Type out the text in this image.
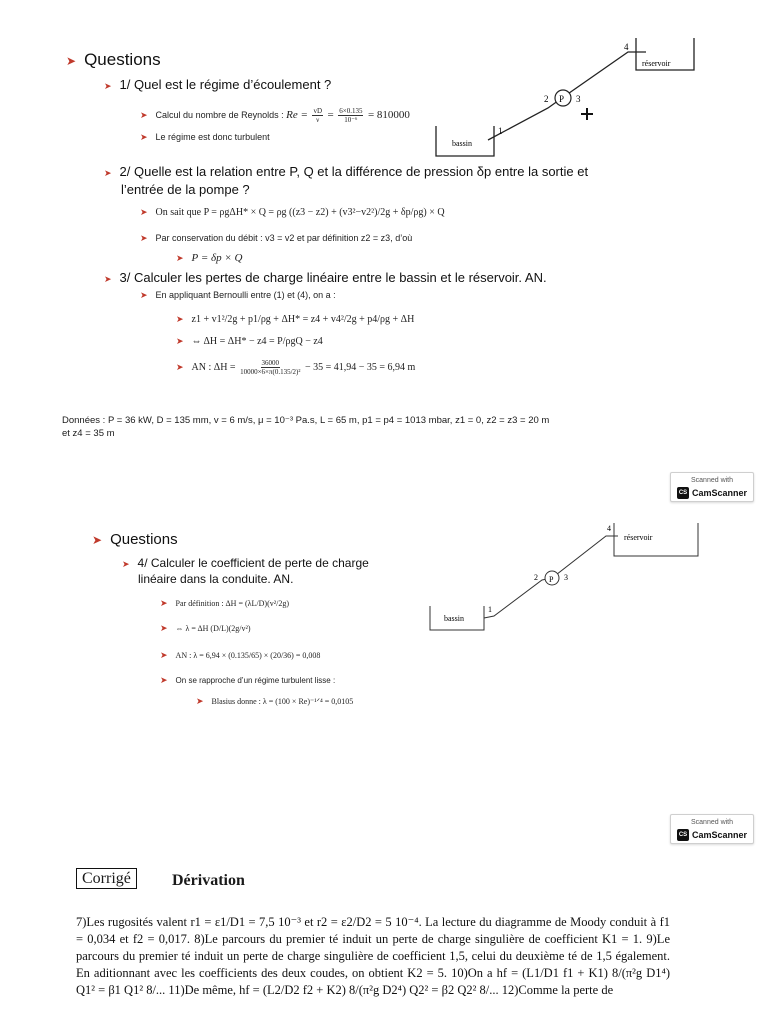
➤ Questions
➤ 1/ Quel est le régime d’écoulement ?
➤ Calcul du nombre de Reynolds : $Re = \frac{vD}{\nu} = \frac{6\times 0.135}{\text{10⁻⁶}} = 810000$
➤ Le régime est donc turbulent
➤ 2/ Quelle est la relation entre P, Q et la différence de pression δp entre la sortie et
l’entrée de la pompe ?
➤ On sait que P = ρgΔH* × Q = ρg ((z3 − z2) + (v3²−v2²)/2g + δp/ρg) × Q
➤ Par conservation du débit : v3 = v2 et par définition z2 = z3, d’où
➤ P = δp × Q
➤ 3/ Calculer les pertes de charge linéaire entre le bassin et le réservoir. AN.
➤ En appliquant Bernoulli entre (1) et (4), on a :
➤ z1 + v1²/2g + p1/ρg + ΔH* = z4 + v4²/2g + p4/ρg + ΔH
➤ ⇔ ΔH = ΔH* − z4 = P/ρgQ − z4
➤ AN : $\Delta H = \frac{36000}{\text{10000×6×π(0.135/2)²}} - 35 = 41,94 - 35 = 6,94$ m
Données : P = 36 kW, D = 135 mm, v = 6 m/s, μ = 10⁻³ Pa.s, L = 65 m, p1 = p4 = 1013 mbar, z1 = 0, z2 = z3 = 20 m
et z4 = 35 m
P
réservoir
bassin
1
2	3
4
Scanned with
CS CamScanner
➤ Questions
➤ 4/ Calculer le coefficient de perte de charge
linéaire dans la conduite. AN.
➤ Par définition : ΔH = (λL/D)(v²/2g)
➤ ⇔ λ = ΔH (D/L)(2g/v²)
➤ AN : λ = 6,94 × (0.135/65) × (20/36) = 0,008
➤ On se rapproche d’un régime turbulent lisse :
➤ Blasius donne : λ = (100 × Re)⁻¹ᐟ⁴ = 0,0105
P
réservoir
bassin
1
2	3
4
Scanned with
CS CamScanner
Corrigé	Dérivation
7)Les rugosités valent r1 = ε1/D1 = 7,5 10⁻³ et r2 = ε2/D2 = 5 10⁻⁴. La lecture du diagramme de Moody conduit à f1 = 0,034 et f2 = 0,017. 8)Le parcours du premier té induit un perte de charge singulière de coefficient K1 = 1. 9)Le parcours du premier té induit un perte de charge singulière de coefficient 1,5, celui du deuxième té de 1,5 également. En aditionnant avec les coefficients des deux coudes, on obtient K2 = 5. 10)On a hf = (L1/D1 f1 + K1) 8/(π²g D1⁴) Q1² = β1 Q1² 8/... 11)De même, hf = (L2/D2 f2 + K2) 8/(π²g D2⁴) Q2² = β2 Q2² 8/... 12)Comme la perte de
